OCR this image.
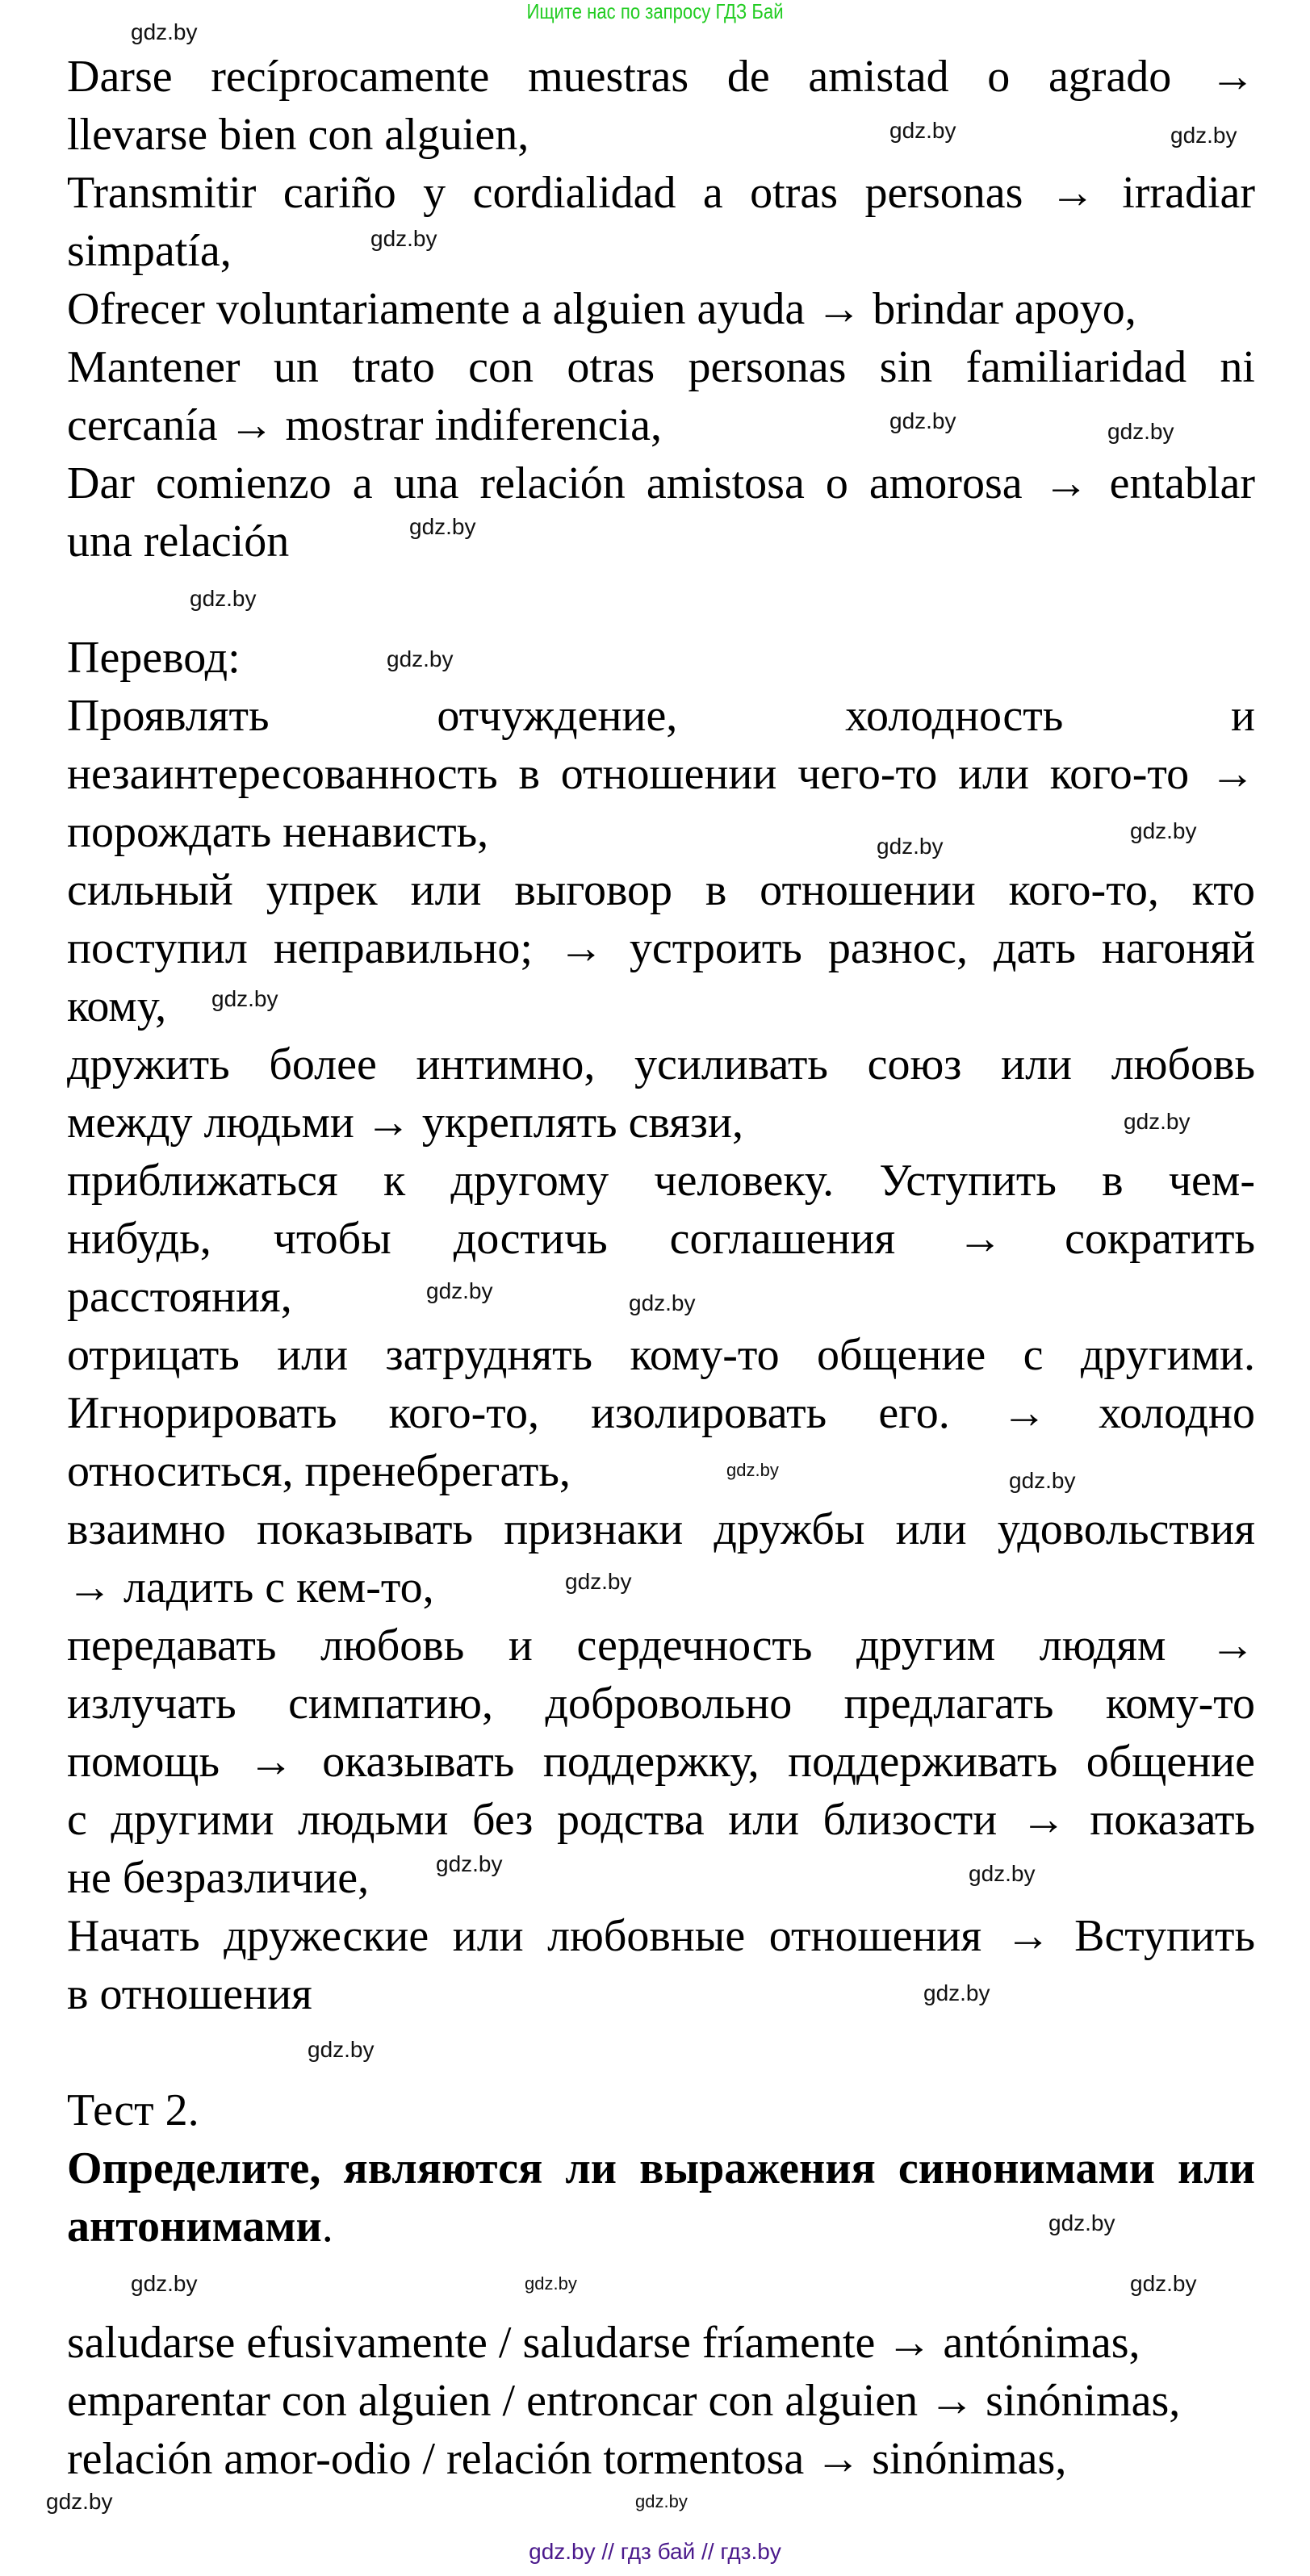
Ищите нас по запросу ГДЗ Бай
Darse recíprocamente muestras de amistad o agrado →
llevarse bien con alguien,
Transmitir cariño y cordialidad a otras personas → irradiar
simpatía,
Ofrecer voluntariamente a alguien ayuda → brindar apoyo,
Mantener un trato con otras personas sin familiaridad ni
cercanía → mostrar indiferencia,
Dar comienzo a una relación amistosa o amorosa → entablar
una relación
Перевод:
Проявлять отчуждение, холодность и
незаинтересованность в отношении чего-то или кого-то →
порождать ненависть,
сильный упрек или выговор в отношении кого-то, кто
поступил неправильно; → устроить разнос, дать нагоняй
кому,
дружить более интимно, усиливать союз или любовь
между людьми → укреплять связи,
приближаться к другому человеку. Уступить в чем-
нибудь, чтобы достичь соглашения → сократить
расстояния,
отрицать или затруднять кому-то общение с другими.
Игнорировать кого-то, изолировать его. → холодно
относиться, пренебрегать,
взаимно показывать признаки дружбы или удовольствия
→ ладить с кем-то,
передавать любовь и сердечность другим людям →
излучать симпатию, добровольно предлагать кому-то
помощь → оказывать поддержку, поддерживать общение
с другими людьми без родства или близости → показать
не безразличие,
Начать дружеские или любовные отношения → Вступить
в отношения
Тест 2.
Определите, являются ли выражения синонимами или
антонимами.
saludarse efusivamente / saludarse fríamente → antónimas,
emparentar con alguien / entroncar con alguien → sinónimas,
relación amor-odio / relación tormentosa → sinónimas,
gdz.by // гдз бай // гдз.by
gdz.by
gdz.by
gdz.by
gdz.by
gdz.by	gdz.by
gdz.by
gdz.by
gdz.by
gdz.by
gdz.by
gdz.by
gdz.by
gdz.by	gdz.by
gdz.by	gdz.by
gdz.by
gdz.by
gdz.by
gdz.by
gdz.by
gdz.by
gdz.by	gdz.by
gdz.by
gdz.by
gdz.by
